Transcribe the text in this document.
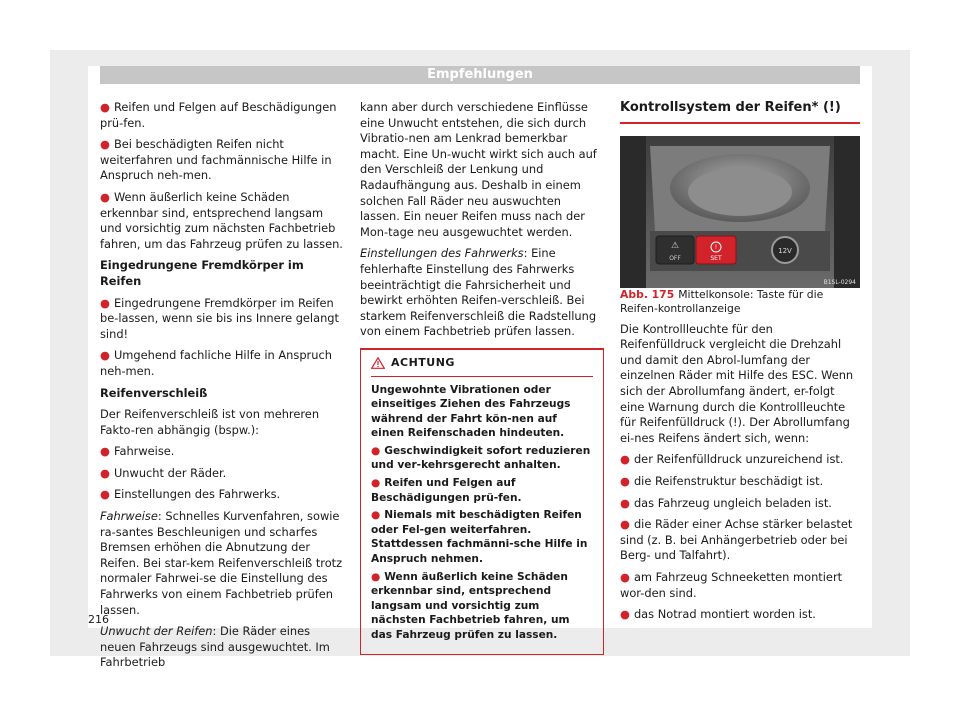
Empfehlungen

● Reifen und Felgen auf Beschädigungen prü-fen.

● Bei beschädigten Reifen nicht weiterfahren und fachmännische Hilfe in Anspruch neh-men.

● Wenn äußerlich keine Schäden erkennbar sind, entsprechend langsam und vorsichtig zum nächsten Fachbetrieb fahren, um das Fahrzeug prüfen zu lassen.

Eingedrungene Fremdkörper im Reifen

● Eingedrungene Fremdkörper im Reifen be-lassen, wenn sie bis ins Innere gelangt sind!

● Umgehend fachliche Hilfe in Anspruch neh-men.

Reifenverschleiß

Der Reifenverschleiß ist von mehreren Fakto-ren abhängig (bspw.):

● Fahrweise.

● Unwucht der Räder.

● Einstellungen des Fahrwerks.

Fahrweise: Schnelles Kurvenfahren, sowie ra-santes Beschleunigen und scharfes Bremsen erhöhen die Abnutzung der Reifen. Bei star-kem Reifenverschleiß trotz normaler Fahrwei-se die Einstellung des Fahrwerks von einem Fachbetrieb prüfen lassen.

Unwucht der Reifen: Die Räder eines neuen Fahrzeugs sind ausgewuchtet. Im Fahrbetrieb

kann aber durch verschiedene Einflüsse eine Unwucht entstehen, die sich durch Vibratio-nen am Lenkrad bemerkbar macht. Eine Un-wucht wirkt sich auch auf den Verschleiß der Lenkung und Radaufhängung aus. Deshalb in einem solchen Fall Räder neu auswuchten lassen. Ein neuer Reifen muss nach der Mon-tage neu ausgewuchtet werden.

Einstellungen des Fahrwerks: Eine fehlerhafte Einstellung des Fahrwerks beeinträchtigt die Fahrsicherheit und bewirkt erhöhten Reifen-verschleiß. Bei starkem Reifenverschleiß die Radstellung von einem Fachbetrieb prüfen lassen.

ACHTUNG

Ungewohnte Vibrationen oder einseitiges Ziehen des Fahrzeugs während der Fahrt kön-nen auf einen Reifenschaden hindeuten.

● Geschwindigkeit sofort reduzieren und ver-kehrsgerecht anhalten.

● Reifen und Felgen auf Beschädigungen prü-fen.

● Niemals mit beschädigten Reifen oder Fel-gen weiterfahren. Stattdessen fachmänni-sche Hilfe in Anspruch nehmen.

● Wenn äußerlich keine Schäden erkennbar sind, entsprechend langsam und vorsichtig zum nächsten Fachbetrieb fahren, um das Fahrzeug prüfen zu lassen.

Kontrollsystem der Reifen* (!)
⚠
OFF
!
SET
12V
B1SL-0294

Abb. 175 Mittelkonsole: Taste für die Reifen-kontrollanzeige

Die Kontrollleuchte für den Reifenfülldruck vergleicht die Drehzahl und damit den Abrol-lumfang der einzelnen Räder mit Hilfe des ESC. Wenn sich der Abrollumfang ändert, er-folgt eine Warnung durch die Kontrollleuchte für Reifenfülldruck (!). Der Abrollumfang ei-nes Reifens ändert sich, wenn:

● der Reifenfülldruck unzureichend ist.

● die Reifenstruktur beschädigt ist.

● das Fahrzeug ungleich beladen ist.

● die Räder einer Achse stärker belastet sind (z. B. bei Anhängerbetrieb oder bei Berg- und Talfahrt).

● am Fahrzeug Schneeketten montiert wor-den sind.

● das Notrad montiert worden ist.

216
